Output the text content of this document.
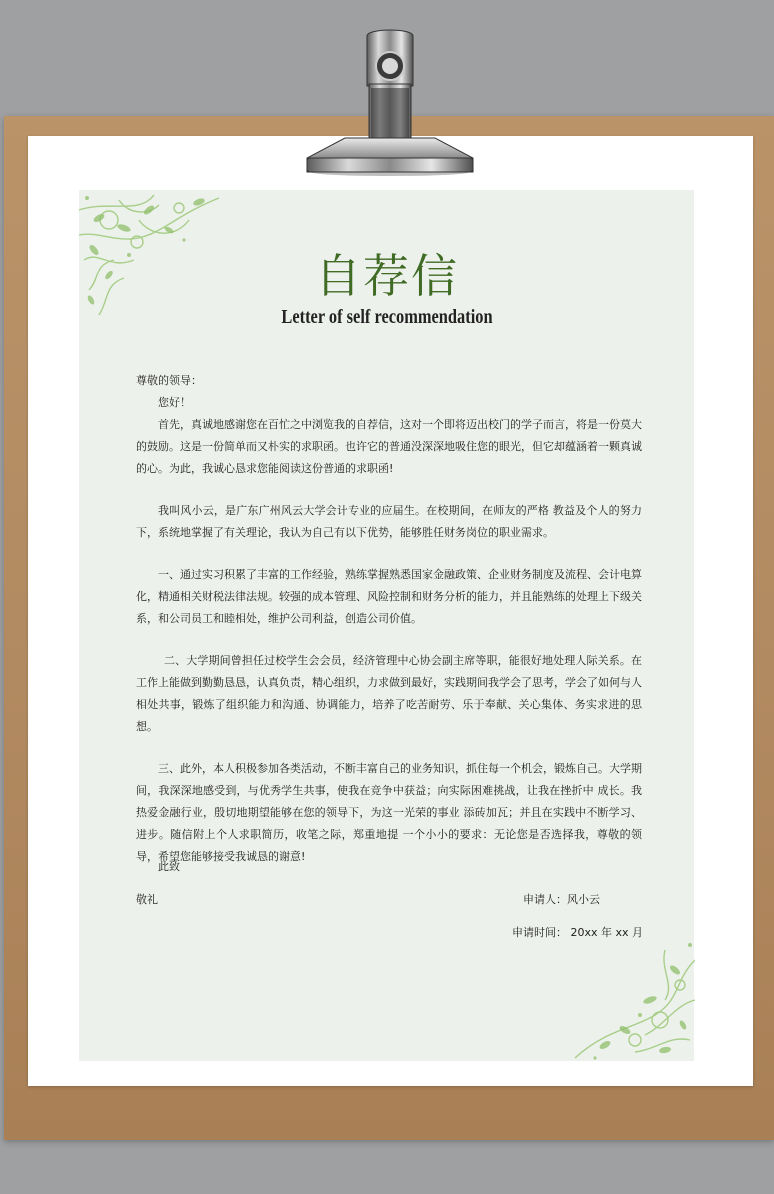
自荐信
Letter of self recommendation

尊敬的领导：

您好！

首先，真诚地感谢您在百忙之中浏览我的自荐信，这对一个即将迈出校门的学子而言，将是一份莫大的鼓励。这是一份简单而又朴实的求职函。也许它的普通没深深地吸住您的眼光，但它却蕴涵着一颗真诚的心。为此，我诚心恳求您能阅读这份普通的求职函!

我叫风小云，是广东广州风云大学会计专业的应届生。在校期间，在师友的严格 教益及个人的努力下，系统地掌握了有关理论，我认为自己有以下优势，能够胜任财务岗位的职业需求。

一、通过实习积累了丰富的工作经验，熟练掌握熟悉国家金融政策、企业财务制度及流程、会计电算化，精通相关财税法律法规。较强的成本管理、风险控制和财务分析的能力，并且能熟练的处理上下级关系，和公司员工和睦相处，维护公司利益，创造公司价值。

二、大学期间曾担任过校学生会会员，经济管理中心协会副主席等职，能很好地处理人际关系。在工作上能做到勤勤恳恳，认真负责，精心组织，力求做到最好，实践期间我学会了思考，学会了如何与人相处共事，锻炼了组织能力和沟通、协调能力，培养了吃苦耐劳、乐于奉献、关心集体、务实求进的思想。

三、此外，本人积极参加各类活动，不断丰富自己的业务知识，抓住每一个机会，锻炼自己。大学期间，我深深地感受到，与优秀学生共事，使我在竞争中获益；向实际困难挑战，让我在挫折中 成长。我热爱金融行业，殷切地期望能够在您的领导下，为这一光荣的事业 添砖加瓦；并且在实践中不断学习、进步。随信附上个人求职简历，收笔之际，郑重地提 一个小小的要求：无论您是否选择我，尊敬的领导，希望您能够接受我诚恳的谢意!

此致
敬礼	申请人：风小云
申请时间： 20xx 年 xx 月
